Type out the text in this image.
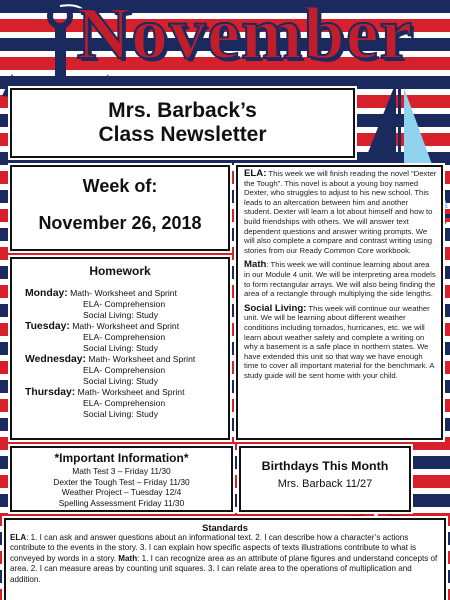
November
Mrs. Barback’s
Class Newsletter
Week of:
November 26, 2018
Homework
Monday: Math- Worksheet and Sprint
ELA- Comprehension
Social Living: Study
Tuesday: Math- Worksheet and Sprint
ELA- Comprehension
Social Living: Study
Wednesday: Math- Worksheet and Sprint
ELA- Comprehension
Social Living: Study
Thursday: Math- Worksheet and Sprint
ELA- Comprehension
Social Living: Study

ELA: This week we will finish reading the novel “Dexter the Tough”. This novel is about a young boy named Dexter, who struggles to adjust to his new school. This leads to an altercation between him and another student. Dexter will learn a lot about himself and how to build friendships with others. We will answer text dependent questions and answer writing prompts. We will also complete a compare and contrast writing using stories from our Ready Common Core workbook.

Math: This week we will continue learning about area in our Module 4 unit. We will be interpreting area models to form rectangular arrays. We will also being finding the area of a rectangle through multiplying the side lengths.

Social Living: This week will continue our weather unit. We will be learning about different weather conditions including tornados, hurricanes, etc. we will learn about weather safety and complete a writing on why a basement is a safe place in northern states. We have extended this unit so that way we have enough time to cover all important material for the benchmark. A study guide will be sent home with your child.

*Important Information*
Math Test 3 – Friday 11/30
Dexter the Tough Test – Friday 11/30
Weather Project – Tuesday 12/4
Spelling Assessment Friday 11/30
Birthdays This Month
Mrs. Barback 11/27
Standards

ELA: 1. I can ask and answer questions about an informational text. 2. I can describe how a character’s actions contribute to the events in the story. 3. I can explain how specific aspects of texts illustrations contribute to what is conveyed by words in a story. Math: 1. I can recognize area as an attribute of plane figures and understand concepts of area. 2. I can measure areas by counting unit squares. 3. I can relate area to the operations of multiplication and addition.
